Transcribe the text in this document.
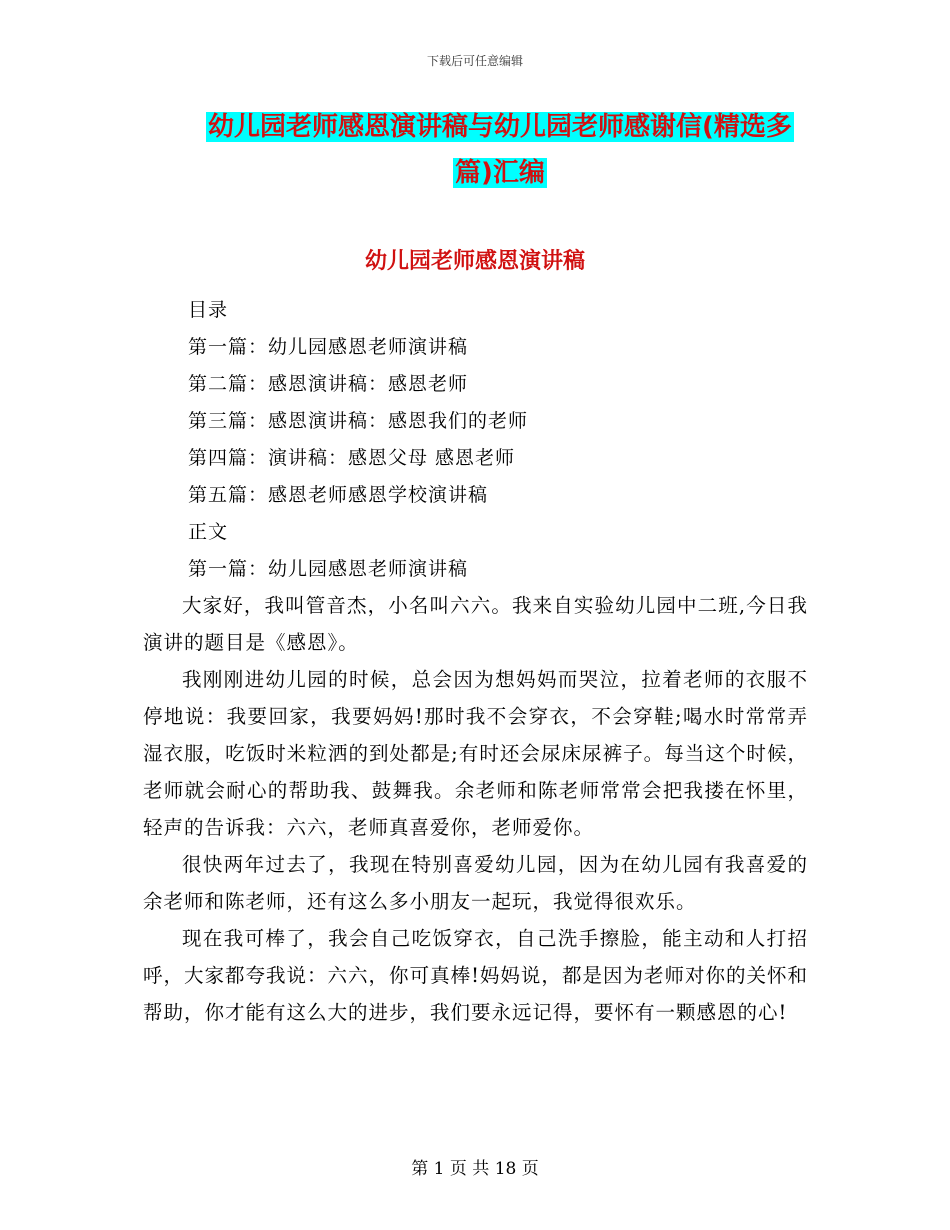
下载后可任意编辑
幼儿园老师感恩演讲稿与幼儿园老师感谢信(精选多
篇)汇编
幼儿园老师感恩演讲稿
目录
第一篇：幼儿园感恩老师演讲稿
第二篇：感恩演讲稿：感恩老师
第三篇：感恩演讲稿：感恩我们的老师
第四篇：演讲稿：感恩父母 感恩老师
第五篇：感恩老师感恩学校演讲稿
正文
第一篇：幼儿园感恩老师演讲稿

大家好，我叫管音杰，小名叫六六。我来自实验幼儿园中二班,今日我演讲的题目是《感恩》。

我刚刚进幼儿园的时候，总会因为想妈妈而哭泣，拉着老师的衣服不停地说：我要回家，我要妈妈!那时我不会穿衣，不会穿鞋;喝水时常常弄湿衣服，吃饭时米粒洒的到处都是;有时还会尿床尿裤子。每当这个时候，老师就会耐心的帮助我、鼓舞我。余老师和陈老师常常会把我搂在怀里，轻声的告诉我：六六，老师真喜爱你，老师爱你。

很快两年过去了，我现在特别喜爱幼儿园，因为在幼儿园有我喜爱的余老师和陈老师，还有这么多小朋友一起玩，我觉得很欢乐。

现在我可棒了，我会自己吃饭穿衣，自己洗手擦脸，能主动和人打招呼，大家都夸我说：六六，你可真棒!妈妈说，都是因为老师对你的关怀和帮助，你才能有这么大的进步，我们要永远记得，要怀有一颗感恩的心!

第 1 页 共 18 页
